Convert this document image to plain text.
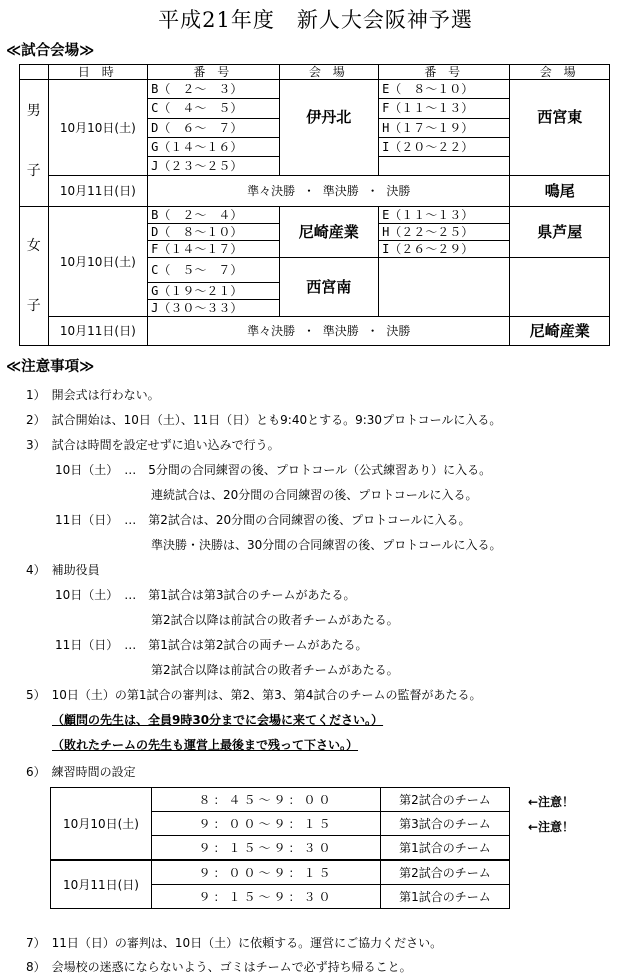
平成21年度　新人大会阪神予選
≪試合会場≫
	日 時	番 号	会 場	番 号	会 場

男
子	10月10日(土)	B（　２～　３）	伊丹北	E（　８～１０）	西宮東
		C（　４～　５）		F（１１～１３）	
		D（　６～　７）		H（１７～１９）	
		G（１４～１６）		I（２０～２２）	
		J（２３～２５）			
	10月11日(日)	準々決勝 ・ 準決勝 ・ 決勝			鳴尾

女
子	10月10日(土)	B（　２～　４）	尼崎産業	E（１１～１３）	県芦屋
		D（　８～１０）		H（２２～２５）	
		F（１４～１７）		I（２６～２９）	
		C（　５～　７）	西宮南		
		G（１９～２１）			
		J（３０～３３）			
	10月11日(日)	準々決勝 ・ 準決勝 ・ 決勝			尼崎産業
≪注意事項≫
1）　開会式は行わない。
2）　試合開始は、10日（土）、11日（日）とも9:40とする。9:30プロトコールに入る。
3）　試合は時間を設定せずに追い込みで行う。
10日（土）　…　5分間の合同練習の後、プロトコール（公式練習あり）に入る。
連続試合は、20分間の合同練習の後、プロトコールに入る。
11日（日）　…　第2試合は、20分間の合同練習の後、プロトコールに入る。
準決勝・決勝は、30分間の合同練習の後、プロトコールに入る。
4）　補助役員
10日（土）　…　第1試合は第3試合のチームがあたる。
第2試合以降は前試合の敗者チームがあたる。
11日（日）　…　第1試合は第2試合の両チームがあたる。
第2試合以降は前試合の敗者チームがあたる。
5）　10日（土）の第1試合の審判は、第2、第3、第4試合のチームの監督があたる。
（顧問の先生は、全員9時30分までに会場に来てください。）
（敗れたチームの先生も運営上最後まで残って下さい。）
6）　練習時間の設定
10月10日(土)	８：４５～９：００	第2試合のチーム
	９：００～９：１５	第3試合のチーム
	９：１５～９：３０	第1試合のチーム
10月11日(日)	９：００～９：１５	第2試合のチーム
	９：１５～９：３０	第1試合のチーム
←注意！
←注意！
7）　11日（日）の審判は、10日（土）に依頼する。運営にご協力ください。
8）　会場校の迷惑にならないよう、ゴミはチームで必ず持ち帰ること。
